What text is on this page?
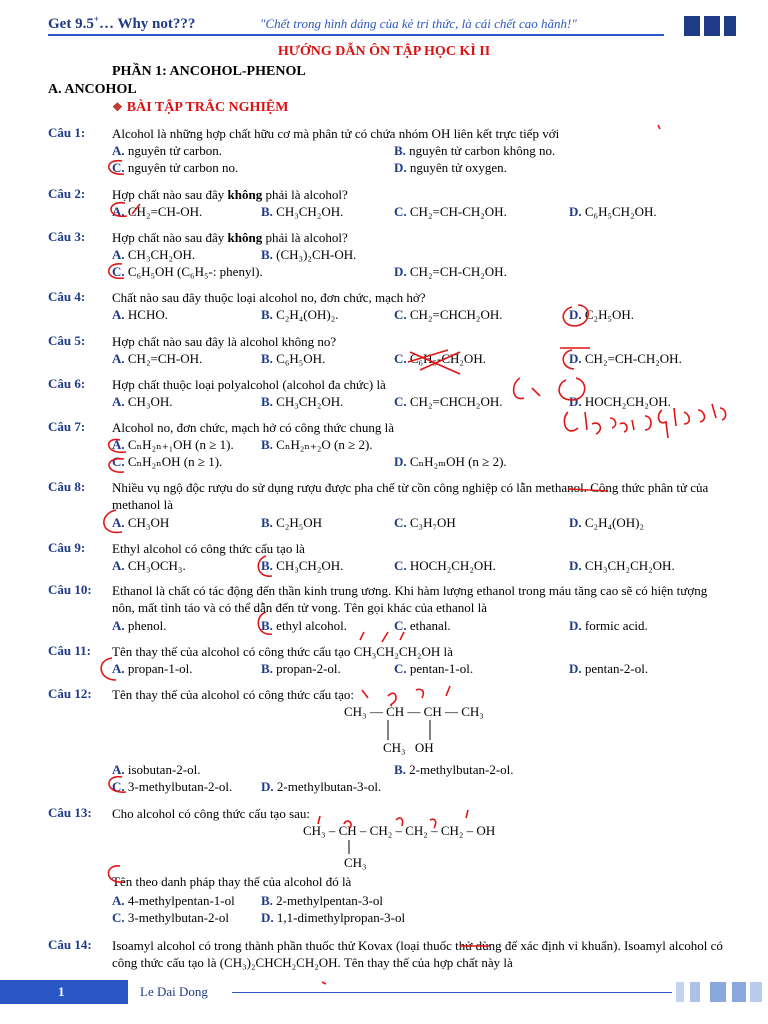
Get 9.5+… Why not???	"Chết trong hình dáng của kẻ tri thức, là cái chết cao hãnh!"
HƯỚNG DẪN ÔN TẬP HỌC KÌ II
PHẦN 1: ANCOHOL-PHENOL
A. ANCOHOL
❖ BÀI TẬP TRẮC NGHIỆM
Câu 1: Alcohol là những hợp chất hữu cơ mà phân tử có chứa nhóm OH liên kết trực tiếp với
A. nguyên tử carbon.	B. nguyên tử carbon không no.
C. nguyên tử carbon no.	D. nguyên tử oxygen.
Câu 2: Hợp chất nào sau đây không phải là alcohol?
A. CH₂=CH-OH.	B. CH₃CH₂OH.	C. CH₂=CH-CH₂OH.	D. C₆H₅CH₂OH.
Câu 3: Hợp chất nào sau đây không phải là alcohol?
A. CH₃CH₂OH.	B. (CH₃)₂CH-OH.
C. C₆H₅OH (C₆H₅-: phenyl).	D. CH₂=CH-CH₂OH.
Câu 4: Chất nào sau đây thuộc loại alcohol no, đơn chức, mạch hở?
A. HCHO.	B. C₂H₄(OH)₂.	C. CH₂=CHCH₂OH.	D. C₂H₅OH.
Câu 5: Hợp chất nào sau đây là alcohol không no?
A. CH₂=CH-OH.	B. C₆H₅OH.	C. C₆H₅-CH₂OH.	D. CH₂=CH-CH₂OH.
Câu 6: Hợp chất thuộc loại polyalcohol (alcohol đa chức) là
A. CH₃OH.	B. CH₃CH₂OH.	C. CH₂=CHCH₂OH.	D. HOCH₂CH₂OH.
Câu 7: Alcohol no, đơn chức, mạch hở có công thức chung là
A. CₙH₂ₙ₊₁OH (n ≥ 1). B. CₙH₂ₙ₊₂O (n ≥ 2).
C. CₙH₂ₙOH (n ≥ 1).	D. CₙH₂ₘOH (n ≥ 2).
Câu 8: Nhiều vụ ngộ độc rượu do sử dụng rượu được pha chế từ cồn công nghiệp có lẫn methanol. Công thức phân tử của methanol là
A. CH₃OH	B. C₂H₅OH	C. C₃H₇OH	D. C₂H₄(OH)₂
Câu 9: Ethyl alcohol có công thức cấu tạo là
A. CH₃OCH₃.	B. CH₃CH₂OH.	C. HOCH₂CH₂OH.	D. CH₃CH₂CH₂OH.
Câu 10: Ethanol là chất có tác động đến thần kinh trung ương. Khi hàm lượng ethanol trong máu tăng cao sẽ có hiện tượng nôn, mất tỉnh táo và có thể dẫn đến tử vong. Tên gọi khác của ethanol là
A. phenol.	B. ethyl alcohol.	C. ethanal.	D. formic acid.
Câu 11: Tên thay thế của alcohol có công thức cấu tạo CH₃CH₂CH₂OH là
A. propan-1-ol.	B. propan-2-ol.	C. pentan-1-ol.	D. pentan-2-ol.
Câu 12: Tên thay thế của alcohol có công thức cấu tạo:
A. isobutan-2-ol.	B. 2-methylbutan-2-ol.
C. 3-methylbutan-2-ol. D. 2-methylbutan-3-ol.
CH₃ — CH — CH — CH₃
CH₃ OH
Câu 13: Cho alcohol có công thức cấu tạo sau:
Tên theo danh pháp thay thế của alcohol đó là
A. 4-methylpentan-1-ol B. 2-methylpentan-3-ol
C. 3-methylbutan-2-ol D. 1,1-dimethylpropan-3-ol
CH₃ – CH – CH₂ – CH₂ – CH₂ – OH
CH₃
Câu 14: Isoamyl alcohol có trong thành phần thuốc thử Kovax (loại thuốc thử dùng để xác định vi khuẩn). Isoamyl alcohol có công thức cấu tạo là (CH₃)₂CHCH₂CH₂OH. Tên thay thế của hợp chất này là
1	Le Dai Dong
